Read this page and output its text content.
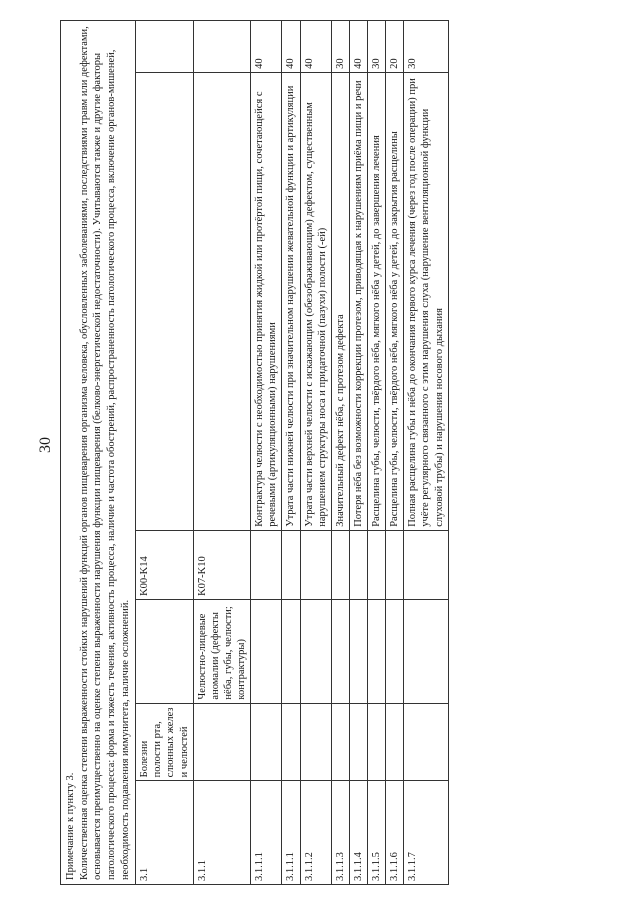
30
Примечание к пункту 3. Количественная оценка степени выраженности стойких нарушений функций органов пищеварения организма человека, обусловленных заболеваниями, последствиями травм или дефектами, основывается преимущественно на оценке степени выраженности нарушения функции пищеварения (белково-энергетической недостаточности). Учитываются также и другие факторы патологического процесса: форма и тяжесть течения, активность процесса, наличие и частота обострений, распространенность патологического процесса, включение органов-мишеней, необходимость подавления иммунитета, наличие осложнений.					

3.1	Болезни полости рта, слюнных желез и челюстей		K00-K14		
3.1.1		Челюстно-лицевые аномалии (дефекты нёба, губы, челюсти; контрактуры)	K07-K10		
3.1.1.1				Контрактура челюсти с необходимостью принятия жидкой или протёртой пищи, сочетающейся с речевыми (артикуляционными) нарушениями	40
3.1.1.1				Утрата части нижней челюсти при значительном нарушении жевательной функции и артикуляции	40
3.1.1.2				Утрата части верхней челюсти с искажающим (обезображивающим) дефектом, существенным нарушением структуры носа и придаточной (пазухи) полости (-ей)	40
3.1.1.3				Значительный дефект нёба, с протезом дефекта	30
3.1.1.4				Потеря нёба без возможности коррекции протезом, приводящая к нарушениям приёма пищи и речи	40
3.1.1.5				Расщелина губы, челюсти, твёрдого нёба, мягкого нёба у детей, до завершения лечения	30
3.1.1.6				Расщелина губы, челюсти, твёрдого нёба, мягкого нёба у детей, до закрытия расщелины	20
3.1.1.7				Полная расщелина губы и нёба до окончания первого курса лечения (через год после операции) при учёте регулярного связанного с этим нарушения слуха (нарушение вентиляционной функции слуховой трубы) и нарушения носового дыхания	30
